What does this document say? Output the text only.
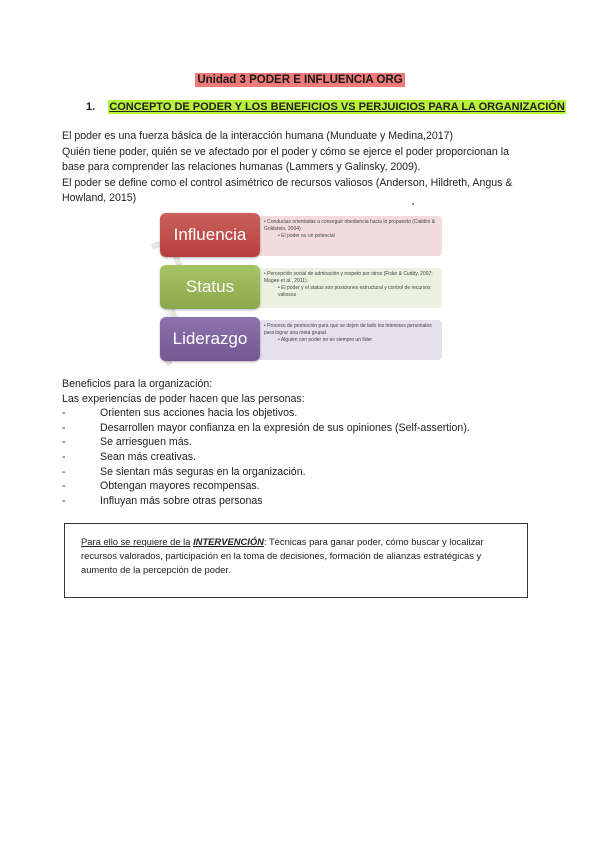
Unidad 3 PODER E INFLUENCIA ORG
1. CONCEPTO DE PODER Y LOS BENEFICIOS VS PERJUICIOS PARA LA ORGANIZACIÓN

El poder es una fuerza básica de la interacción humana (Munduate y Medina,2017)

Quién tiene poder, quién se ve afectado por el poder y cómo se ejerce el poder proporcionan la base para comprender las relaciones humanas (Lammers y Galinsky, 2009).

El poder se define como el control asimétrico de recursos valiosos (Anderson, Hildreth, Angus & Howland, 2015)

Influencia
• Conductas orientadas a conseguir obediencia hacia lo propuesto (Cialdini & Goldstein, 2004)
• El poder es un potencial
Status
• Percepción social de admiración y respeto por otros (Fiske & Cuddy, 2007; Magee et al., 2011).
• El poder y el status son posiciones estructural y control de recursos valiosos
Liderazgo
• Proceso de promoción para que se dejen de lado los intereses personales para lograr una meta grupal.
• Alguien con poder no es siempre un líder

Beneficios para la organización:

Las experiencias de poder hacen que las personas:

-	Orienten sus acciones hacia los objetivos.
-	Desarrollen mayor confianza en la expresión de sus opiniones (Self-assertion).
-	Se arriesguen más.
-	Sean más creativas.
-	Se sientan más seguras en la organización.
-	Obtengan mayores recompensas.
-	Influyan más sobre otras personas
Para ello se requiere de la INTERVENCIÓN: Técnicas para ganar poder, cómo buscar y localizar recursos valorados, participación en la toma de decisiones, formación de alianzas estratégicas y aumento de la percepción de poder.
